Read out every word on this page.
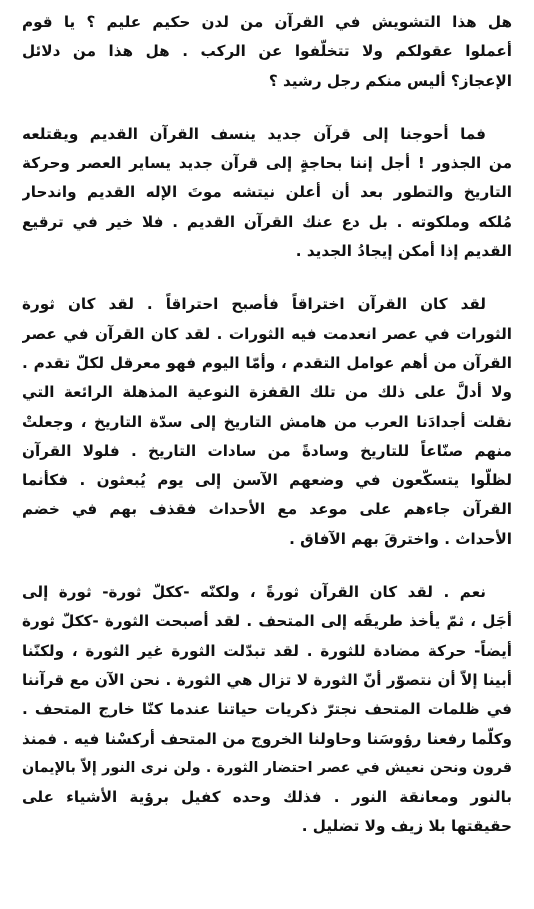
هل هذا التشويش في القرآن من لدن حكيم عليم ؟ يا قوم
أعملوا عقولكم ولا تتخلّفوا عن الركب . هل هذا من دلائل
الإعجاز؟ أليس منكم رجل رشيد ؟
فما أحوجنا إلى قرآن جديد ينسف القرآن القديم ويقتلعه
من الجذور ! أجل إننا بحاجةٍ إلى قرآن جديد يساير العصر وحركة
التاريخ والتطور بعد أن أعلن نيتشه موتَ الإله القديم واندحار
مُلكه وملكوته . بل دع عنك القرآن القديم . فلا خير في ترقيع
القديم إذا أمكن إيجادُ الجديد .
لقد كان القرآن اختراقاً فأصبح احتراقاً . لقد كان ثورة
الثورات في عصر انعدمت فيه الثورات . لقد كان القرآن في عصر
القرآن من أهم عوامل التقدم ، وأمّا اليوم فهو معرقل لكلّ تقدم .
ولا أدلَّ على ذلك من تلك القفزة النوعية المذهلة الرائعة التي
نقلت أجدادَنا العرب من هامش التاريخ إلى سدّة التاريخ ، وجعلتْ
منهم صنّاعاً للتاريخ وسادةً من سادات التاريخ . فلولا القرآن
لظلّوا يتسكّعون في وضعهم الآسن إلى يوم يُبعثون . فكأنما
القرآن جاءهم على موعد مع الأحداث فقذف بهم في خضم
الأحداث . واخترقَ بهم الآفاق .
نعم . لقد كان القرآن ثورةً ، ولكنّه -ككلّ ثورة- ثورة إلى
أجَل ، ثمّ يأخذ طريقَه إلى المتحف . لقد أصبحت الثورة -ككلّ ثورة
أيضاً- حركة مضادة للثورة . لقد تبدّلت الثورة غير الثورة ، ولكنّنا
أبينا إلاّ أن نتصوّر أنّ الثورة لا تزال هي الثورة . نحن الآن مع قرآننا
في ظلمات المتحف نجترّ ذكريات حياتنا عندما كنّا خارج المتحف .
وكلّما رفعنا رؤوسَنا وحاولنا الخروج من المتحف أركسْنا فيه . فمنذ
قرون ونحن نعيش في عصر احتضار الثورة . ولن نرى النور إلاّ بالإيمان
بالنور ومعانقة النور . فذلك وحده كفيل برؤية الأشياء على
حقيقتها بلا زيف ولا تضليل .
